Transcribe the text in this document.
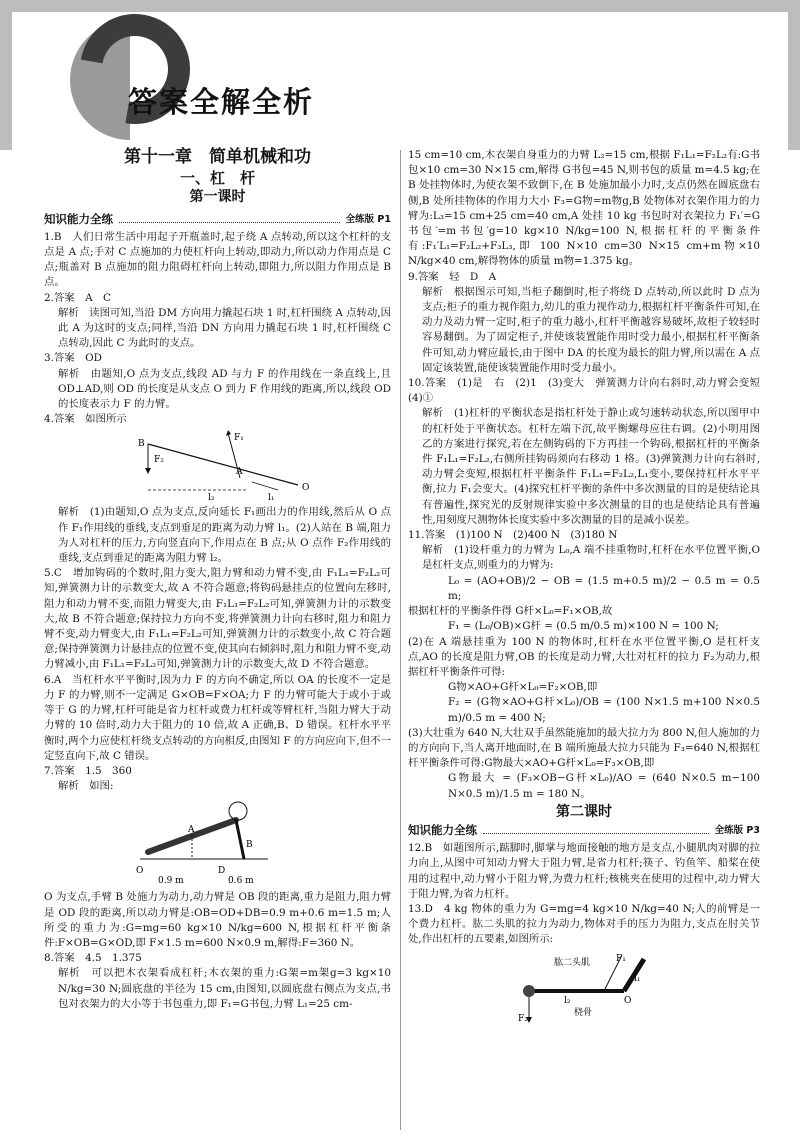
答案全解全析
第十一章　简单机械和功
一、杠　杆
第一课时
知识能力全练	全练版 P1

1.B　人们日常生活中用起子开瓶盖时,起子绕 A 点转动,所以这个杠杆的支点是 A 点;手对 C 点施加的力使杠杆向上转动,即动力,所以动力作用点是 C 点;瓶盖对 B 点施加的阻力阻碍杠杆向上转动,即阻力,所以阻力作用点是 B 点。

2.答案　A　C

解析　读图可知,当沿 DM 方向用力撬起石块 1 时,杠杆围绕 A 点转动,因此 A 为这时的支点;同样,当沿 DN 方向用力撬起石块 1 时,杠杆围绕 C 点转动,因此 C 为此时的支点。

3.答案　OD

解析　由题知,O 点为支点,线段 AD 与力 F 的作用线在一条直线上,且 OD⊥AD,则 OD 的长度是从支点 O 到力 F 作用线的距离,所以,线段 OD 的长度表示力 F 的力臂。

4.答案　如图所示

B
A
O
F₁
F₂
l₂	l₁

解析　(1)由题知,O 点为支点,反向延长 F₁画出力的作用线,然后从 O 点作 F₁作用线的垂线,支点到垂足的距离为动力臂 l₁。(2)人站在 B 端,阻力为人对杠杆的压力,方向竖直向下,作用点在 B 点;从 O 点作 F₂作用线的垂线,支点到垂足的距离为阻力臂 l₂。

5.C　增加钩码的个数时,阻力变大,阻力臂和动力臂不变,由 F₁L₁=F₂L₂可知,弹簧测力计的示数变大,故 A 不符合题意;将钩码悬挂点的位置向左移时,阻力和动力臂不变,而阻力臂变大,由 F₁L₁=F₂L₂可知,弹簧测力计的示数变大,故 B 不符合题意;保持拉力方向不变,将弹簧测力计向右移时,阻力和阻力臂不变,动力臂变大,由 F₁L₁=F₂L₂可知,弹簧测力计的示数变小,故 C 符合题意;保持弹簧测力计悬挂点的位置不变,使其向右倾斜时,阻力和阻力臂不变,动力臂减小,由 F₁L₁=F₂L₂可知,弹簧测力计的示数变大,故 D 不符合题意。

6.A　当杠杆水平平衡时,因为力 F 的方向不确定,所以 OA 的长度不一定是力 F 的力臂,则不一定满足 G×OB=F×OA;力 F 的力臂可能大于或小于或等于 G 的力臂,杠杆可能是省力杠杆或费力杠杆或等臂杠杆,当阻力臂大于动力臂的 10 倍时,动力大于阻力的 10 倍,故 A 正确,B、D 错误。杠杆水平平衡时,两个力应使杠杆绕支点转动的方向相反,由图知 F 的方向应向下,但不一定竖直向下,故 C 错误。

7.答案　1.5　360

解析　如图:

A
B
O	D
0.9 m	0.6 m

O 为支点,手臂 B 处施力为动力,动力臂是 OB 段的距离,重力是阻力,阻力臂是 OD 段的距离,所以动力臂是:OB=OD+DB=0.9 m+0.6 m=1.5 m;人所受的重力为:G=mg=60 kg×10 N/kg=600 N,根据杠杆平衡条件:F×OB=G×OD,即 F×1.5 m=600 N×0.9 m,解得:F=360 N。

8.答案　4.5　1.375

解析　可以把木衣架看成杠杆;木衣架的重力:G架=m架g=3 kg×10 N/kg=30 N;圆底盘的半径为 15 cm,由图知,以圆底盘右侧点为支点,书包对衣架力的大小等于书包重力,即 F₁=G书包,力臂 L₁=25 cm-

15 cm=10 cm,木衣架自身重力的力臂 L₂=15 cm,根据 F₁L₁=F₂L₂有:G书包×10 cm=30 N×15 cm,解得 G书包=45 N,则书包的质量 m=4.5 kg;在 B 处挂物体时,为使衣架不致倒下,在 B 处施加最小力时,支点仍然在圆底盘右侧,B 处所挂物体的作用力大小 F₃=G物=m物g,B 处物体对衣架作用力的力臂为:L₃=15 cm+25 cm=40 cm,A 处挂 10 kg 书包时对衣架拉力 F₁′=G书包′=m书包′g=10 kg×10 N/kg=100 N,根据杠杆的平衡条件有:F₁′L₁=F₂L₂+F₃L₃,即 100 N×10 cm=30 N×15 cm+m物×10 N/kg×40 cm,解得物体的质量 m物=1.375 kg。

9.答案　轻　D　A

解析　根据图示可知,当柜子翻倒时,柜子将绕 D 点转动,所以此时 D 点为支点;柜子的重力视作阻力,幼儿的重力视作动力,根据杠杆平衡条件可知,在动力及动力臂一定时,柜子的重力越小,杠杆平衡越容易破坏,故柜子较轻时容易翻倒。为了固定柜子,并使该装置能作用时受力最小,根据杠杆平衡条件可知,动力臂应最长,由于图中 DA 的长度为最长的阻力臂,所以需在 A 点固定该装置,能使该装置能作用时受力最小。

10.答案　(1)是　右　(2)1　(3)变大　弹簧测力计向右斜时,动力臂会变短　(4)①

解析　(1)杠杆的平衡状态是指杠杆处于静止或匀速转动状态,所以图甲中的杠杆处于平衡状态。杠杆左端下沉,故平衡螺母应往右调。(2)小明用图乙的方案进行探究,若在左侧钩码的下方再挂一个钩码,根据杠杆的平衡条件 F₁L₁=F₂L₂,右侧所挂钩码须向右移动 1 格。(3)弹簧测力计向右斜时,动力臂会变短,根据杠杆平衡条件 F₁L₁=F₂L₂,L₁变小,要保持杠杆水平平衡,拉力 F₁会变大。(4)探究杠杆平衡的条件中多次测量的目的是使结论具有普遍性,探究光的反射规律实验中多次测量的目的也是使结论具有普遍性,用刻度尺测物体长度实验中多次测量的目的是减小误差。

11.答案　(1)100 N　(2)400 N　(3)180 N

解析　(1)设杆重力的力臂为 L₀,A 端不挂重物时,杠杆在水平位置平衡,O 是杠杆支点,则重力的力臂为:

L₀ = (AO+OB)/2 − OB = (1.5 m+0.5 m)/2 − 0.5 m = 0.5 m;

根据杠杆的平衡条件得 G杆×L₀=F₁×OB,故

F₁ = (L₀/OB)×G杆 = (0.5 m/0.5 m)×100 N = 100 N;

(2)在 A 端悬挂重为 100 N 的物体时,杠杆在水平位置平衡,O 是杠杆支点,AO 的长度是阻力臂,OB 的长度是动力臂,大壮对杠杆的拉力 F₂为动力,根据杠杆平衡条件可得:

G物×AO+G杆×L₀=F₂×OB,即

F₂ = (G物×AO+G杆×L₀)/OB = (100 N×1.5 m+100 N×0.5 m)/0.5 m = 400 N;

(3)大壮重为 640 N,大壮双手虽然能施加的最大拉力为 800 N,但人施加的力的方向向下,当人离开地面时,在 B 端所施最大拉力只能为 F₃=640 N,根据杠杆平衡条件可得:G物最大×AO+G杆×L₀=F₃×OB,即

G物最大 = (F₃×OB−G杆×L₀)/AO = (640 N×0.5 m−100 N×0.5 m)/1.5 m = 180 N。

第二课时
知识能力全练	全练版 P3

12.B　如题图所示,踮脚时,脚掌与地面接触的地方是支点,小腿肌肉对脚的拉力向上,从图中可知动力臂大于阻力臂,是省力杠杆;筷子、钓鱼竿、船桨在使用的过程中,动力臂小于阻力臂,为费力杠杆;核桃夹在使用的过程中,动力臂大于阻力臂,为省力杠杆。

13.D　4 kg 物体的重力为 G=mg=4 kg×10 N/kg=40 N;人的前臂是一个费力杠杆。肱二头肌的拉力为动力,物体对手的压力为阻力,支点在肘关节处,作出杠杆的五要素,如图所示:

F₂
F₁
O
肱二头肌
桡骨
l₁
l₂
